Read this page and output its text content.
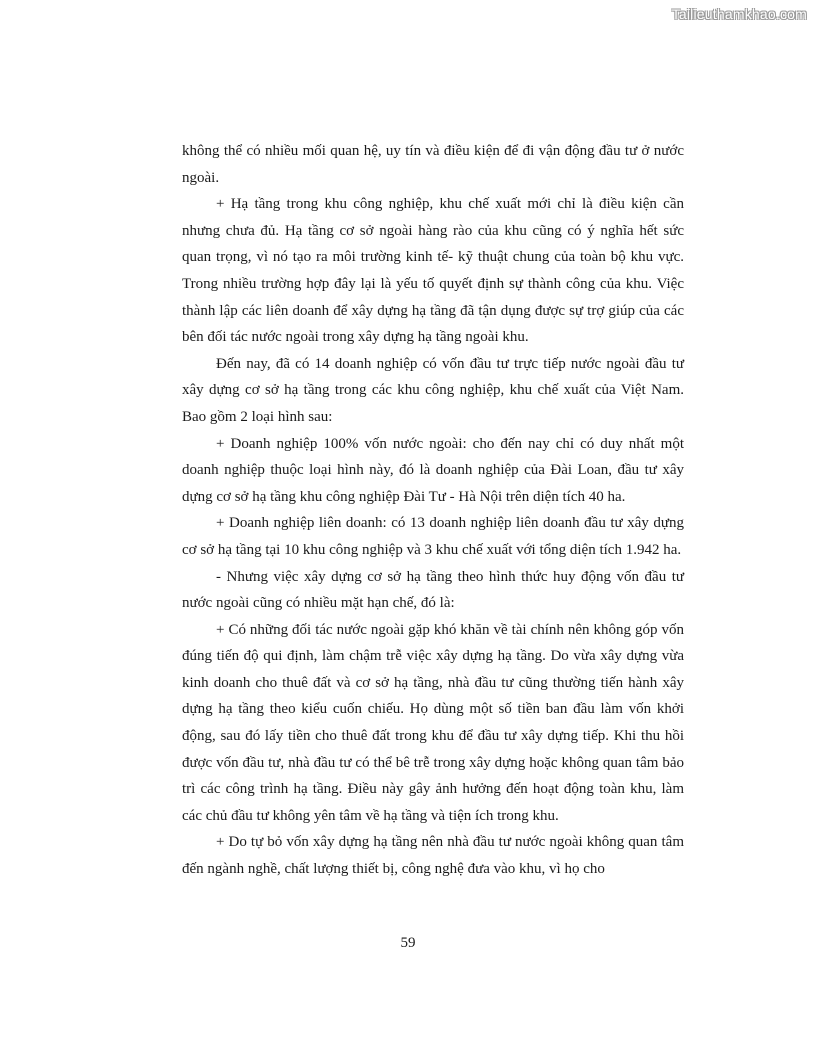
Tailieuthamkhao.com

không thể có nhiều mối quan hệ, uy tín và điều kiện để đi vận động đầu tư ở nước ngoài.

+ Hạ tầng trong khu công nghiệp, khu chế xuất mới chỉ là điều kiện cần nhưng chưa đủ. Hạ tầng cơ sở ngoài hàng rào của khu cũng có ý nghĩa hết sức quan trọng, vì nó tạo ra môi trường kinh tế- kỹ thuật chung của toàn bộ khu vực. Trong nhiều trường hợp đây lại là yếu tố quyết định sự thành công của khu. Việc thành lập các liên doanh để xây dựng hạ tầng đã tận dụng được sự trợ giúp của các bên đối tác nước ngoài trong xây dựng hạ tầng ngoài khu.

Đến nay, đã có 14 doanh nghiệp có vốn đầu tư trực tiếp nước ngoài đầu tư xây dựng cơ sở hạ tầng trong các khu công nghiệp, khu chế xuất của Việt Nam. Bao gồm 2 loại hình sau:

+ Doanh nghiệp 100% vốn nước ngoài: cho đến nay chỉ có duy nhất một doanh nghiệp thuộc loại hình này, đó là doanh nghiệp của Đài Loan, đầu tư xây dựng cơ sở hạ tầng khu công nghiệp Đài Tư - Hà Nội trên diện tích 40 ha.

+ Doanh nghiệp liên doanh: có 13 doanh nghiệp liên doanh đầu tư xây dựng cơ sở hạ tầng tại 10 khu công nghiệp và 3 khu chế xuất với tổng diện tích 1.942 ha.

- Nhưng việc xây dựng cơ sở hạ tầng theo hình thức huy động vốn đầu tư nước ngoài cũng có nhiều mặt hạn chế, đó là:

+ Có những đối tác nước ngoài gặp khó khăn về tài chính nên không góp vốn đúng tiến độ qui định, làm chậm trễ việc xây dựng hạ tầng. Do vừa xây dựng vừa kinh doanh cho thuê đất và cơ sở hạ tầng, nhà đầu tư cũng thường tiến hành xây dựng hạ tầng theo kiểu cuốn chiếu. Họ dùng một số tiền ban đầu làm vốn khởi động, sau đó lấy tiền cho thuê đất trong khu để đầu tư xây dựng tiếp. Khi thu hồi được vốn đầu tư, nhà đầu tư có thể bê trễ trong xây dựng hoặc không quan tâm bảo trì các công trình hạ tầng. Điều này gây ảnh hưởng đến hoạt động toàn khu, làm các chủ đầu tư không yên tâm về hạ tầng và tiện ích trong khu.

+ Do tự bỏ vốn xây dựng hạ tầng nên nhà đầu tư nước ngoài không quan tâm đến ngành nghề, chất lượng thiết bị, công nghệ đưa vào khu, vì họ cho

59
